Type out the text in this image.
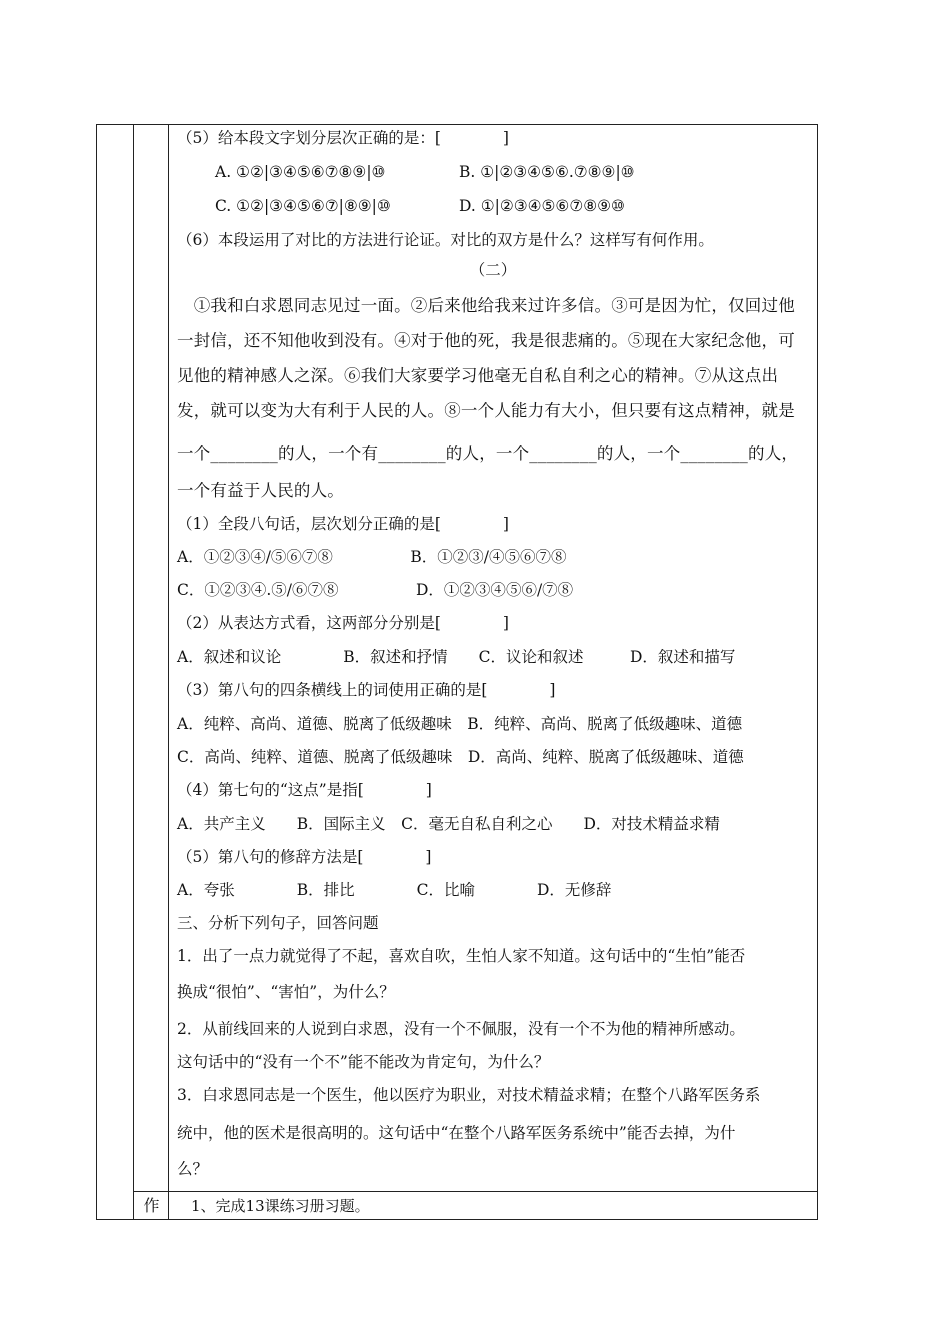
作
（5）给本段文字划分层次正确的是：[　　　　]
A. ①②|③④⑤⑥⑦⑧⑨|⑩	B. ①|②③④⑤⑥.⑦⑧⑨|⑩
C. ①②|③④⑤⑥⑦|⑧⑨|⑩	D. ①|②③④⑤⑥⑦⑧⑨⑩
（6）本段运用了对比的方法进行论证。对比的双方是什么？这样写有何作用。
（二）
　①我和白求恩同志见过一面。②后来他给我来过许多信。③可是因为忙，仅回过他
一封信，还不知他收到没有。④对于他的死，我是很悲痛的。⑤现在大家纪念他，可
见他的精神感人之深。⑥我们大家要学习他毫无自私自利之心的精神。⑦从这点出
发，就可以变为大有利于人民的人。⑧一个人能力有大小，但只要有这点精神，就是
一个________的人，一个有________的人，一个________的人，一个________的人，
一个有益于人民的人。
（1）全段八句话，层次划分正确的是[　　　　]
A．①②③④/⑤⑥⑦⑧　　　　　B．①②③/④⑤⑥⑦⑧
C．①②③④.⑤/⑥⑦⑧　　　　　D．①②③④⑤⑥/⑦⑧
（2）从表达方式看，这两部分分别是[　　　　]
A．叙述和议论　　　　B．叙述和抒情　　C．议论和叙述　　　D．叙述和描写
（3）第八句的四条横线上的词使用正确的是[　　　　]
A．纯粹、高尚、道德、脱离了低级趣味　B．纯粹、高尚、脱离了低级趣味、道德
C．高尚、纯粹、道德、脱离了低级趣味　D．高尚、纯粹、脱离了低级趣味、道德
（4）第七句的“这点”是指[　　　　]
A．共产主义　　B．国际主义　C．毫无自私自利之心　　D．对技术精益求精
（5）第八句的修辞方法是[　　　　]
A．夸张　　　　B．排比　　　　C．比喻　　　　D．无修辞
三、分析下列句子，回答问题
1．出了一点力就觉得了不起，喜欢自吹，生怕人家不知道。这句话中的“生怕”能否
换成“很怕”、“害怕”，为什么？
2．从前线回来的人说到白求恩，没有一个不佩服，没有一个不为他的精神所感动。
这句话中的“没有一个不”能不能改为肯定句，为什么？
3．白求恩同志是一个医生，他以医疗为职业，对技术精益求精；在整个八路军医务系
统中，他的医术是很高明的。这句话中“在整个八路军医务系统中”能否去掉，为什
么？
1、完成13课练习册习题。
